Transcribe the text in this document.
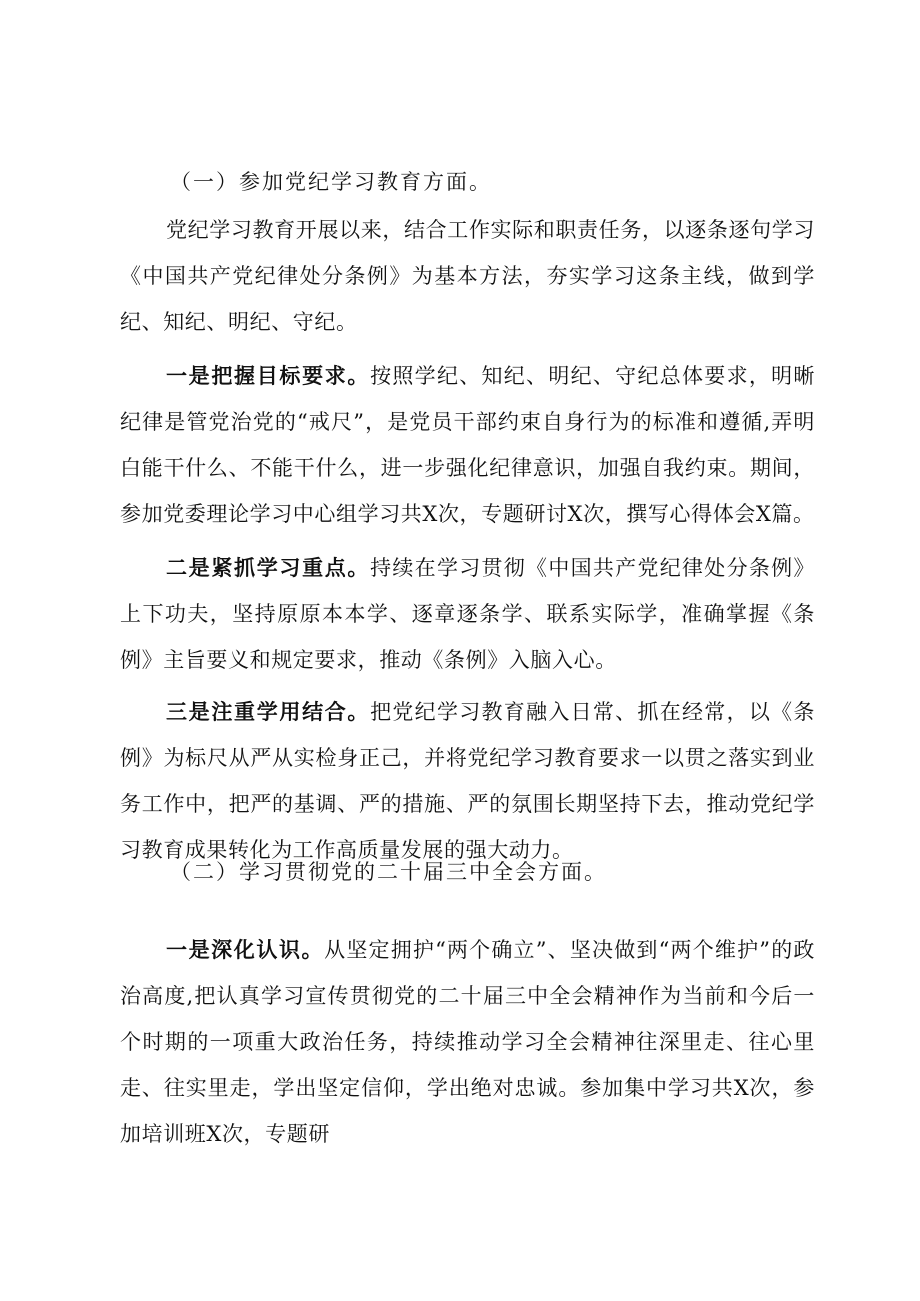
（一）参加党纪学习教育方面。

党纪学习教育开展以来，结合工作实际和职责任务，以逐条逐句学习《中国共产党纪律处分条例》为基本方法，夯实学习这条主线，做到学纪、知纪、明纪、守纪。

一是把握目标要求。按照学纪、知纪、明纪、守纪总体要求，明晰纪律是管党治党的“戒尺”，是党员干部约束自身行为的标准和遵循,弄明白能干什么、不能干什么，进一步强化纪律意识，加强自我约束。期间，参加党委理论学习中心组学习共X次，专题研讨X次，撰写心得体会X篇。

二是紧抓学习重点。持续在学习贯彻《中国共产党纪律处分条例》上下功夫，坚持原原本本学、逐章逐条学、联系实际学，准确掌握《条例》主旨要义和规定要求，推动《条例》入脑入心。

三是注重学用结合。把党纪学习教育融入日常、抓在经常，以《条例》为标尺从严从实检身正己，并将党纪学习教育要求一以贯之落实到业务工作中，把严的基调、严的措施、严的氛围长期坚持下去，推动党纪学习教育成果转化为工作高质量发展的强大动力。

（二）学习贯彻党的二十届三中全会方面。

一是深化认识。从坚定拥护“两个确立”、坚决做到“两个维护”的政治高度,把认真学习宣传贯彻党的二十届三中全会精神作为当前和今后一个时期的一项重大政治任务，持续推动学习全会精神往深里走、往心里走、往实里走，学出坚定信仰，学出绝对忠诚。参加集中学习共X次，参加培训班X次，专题研
